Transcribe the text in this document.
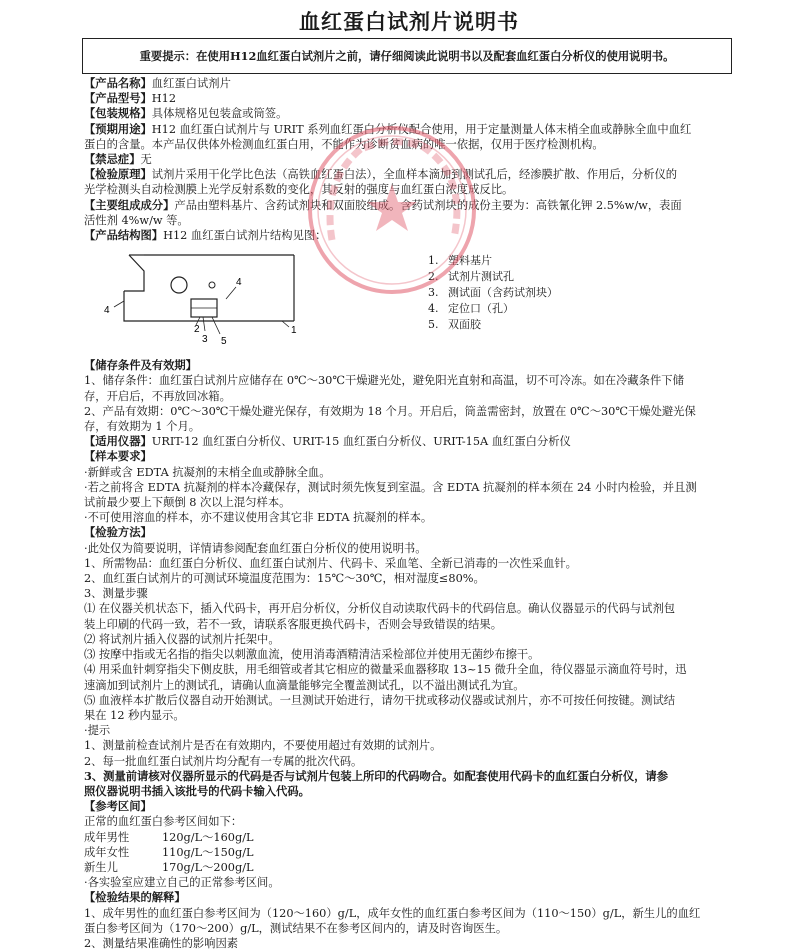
血红蛋白试剂片说明书
重要提示：在使用H12血红蛋白试剂片之前，请仔细阅读此说明书以及配套血红蛋白分析仪的使用说明书。
【产品名称】血红蛋白试剂片
【产品型号】H12
【包装规格】具体规格见包装盒或筒签。
【预期用途】H12 血红蛋白试剂片与 URIT 系列血红蛋白分析仪配合使用，用于定量测量人体末梢全血或静脉全血中血红
蛋白的含量。本产品仅供体外检测血红蛋白用，不能作为诊断贫血病的唯一依据，仅用于医疗检测机构。
【禁忌症】无
【检验原理】试剂片采用干化学比色法（高铁血红蛋白法），全血样本滴加到测试孔后，经渗膜扩散、作用后，分析仪的
光学检测头自动检测膜上光学反射系数的变化，其反射的强度与血红蛋白浓度成反比。
【主要组成成分】产品由塑料基片、含药试剂块和双面胶组成。含药试剂块的成份主要为：高铁氰化钾 2.5%w/w，表面
活性剂 4%w/w 等。
【产品结构图】H12 血红蛋白试剂片结构见图：
4
4
1
2
3 5
1. 塑料基片
2. 试剂片测试孔
3. 测试面（含药试剂块）
4. 定位口（孔）
5. 双面胶
【储存条件及有效期】
1、储存条件：血红蛋白试剂片应储存在 0℃～30℃干燥避光处，避免阳光直射和高温，切不可冷冻。如在冷藏条件下储
存，开启后，不再放回冰箱。
2、产品有效期：0℃～30℃干燥处避光保存，有效期为 18 个月。开启后，筒盖需密封，放置在 0℃～30℃干燥处避光保
存，有效期为 1 个月。
【适用仪器】URIT-12 血红蛋白分析仪、URIT-15 血红蛋白分析仪、URIT-15A 血红蛋白分析仪
【样本要求】
·新鲜或含 EDTA 抗凝剂的末梢全血或静脉全血。
·若之前将含 EDTA 抗凝剂的样本冷藏保存，测试时须先恢复到室温。含 EDTA 抗凝剂的样本须在 24 小时内检验，并且测
试前最少要上下颠倒 8 次以上混匀样本。
·不可使用溶血的样本，亦不建议使用含其它非 EDTA 抗凝剂的样本。
【检验方法】
·此处仅为简要说明，详情请参阅配套血红蛋白分析仪的使用说明书。
1、所需物品：血红蛋白分析仪、血红蛋白试剂片、代码卡、采血笔、全新已消毒的一次性采血针。
2、血红蛋白试剂片的可测试环境温度范围为：15℃～30℃，相对湿度≤80%。
3、测量步骤
⑴ 在仪器关机状态下，插入代码卡，再开启分析仪，分析仪自动读取代码卡的代码信息。确认仪器显示的代码与试剂包
装上印刷的代码一致，若不一致，请联系客服更换代码卡，否则会导致错误的结果。
⑵ 将试剂片插入仪器的试剂片托架中。
⑶ 按摩中指或无名指的指尖以刺激血流，使用消毒酒精清洁采检部位并使用无菌纱布擦干。
⑷ 用采血针刺穿指尖下侧皮肤，用毛细管或者其它相应的微量采血器移取 13~15 微升全血，待仪器显示滴血符号时，迅
速滴加到试剂片上的测试孔，请确认血滴量能够完全覆盖测试孔，以不溢出测试孔为宜。
⑸ 血液样本扩散后仪器自动开始测试。一旦测试开始进行，请勿干扰或移动仪器或试剂片，亦不可按任何按键。测试结
果在 12 秒内显示。
·提示
1、测量前检查试剂片是否在有效期内，不要使用超过有效期的试剂片。
2、每一批血红蛋白试剂片均分配有一专属的批次代码。
3、测量前请核对仪器所显示的代码是否与试剂片包装上所印的代码吻合。如配套使用代码卡的血红蛋白分析仪，请参
照仪器说明书插入该批号的代码卡输入代码。
【参考区间】
正常的血红蛋白参考区间如下：
成年男性	120g/L～160g/L
成年女性	110g/L～150g/L
新生儿	170g/L～200g/L
·各实验室应建立自己的正常参考区间。
【检验结果的解释】
1、成年男性的血红蛋白参考区间为（120～160）g/L，成年女性的血红蛋白参考区间为（110～150）g/L，新生儿的血红
蛋白参考区间为（170～200）g/L，测试结果不在参考区间内的，请及时咨询医生。
2、测量结果准确性的影响因素
